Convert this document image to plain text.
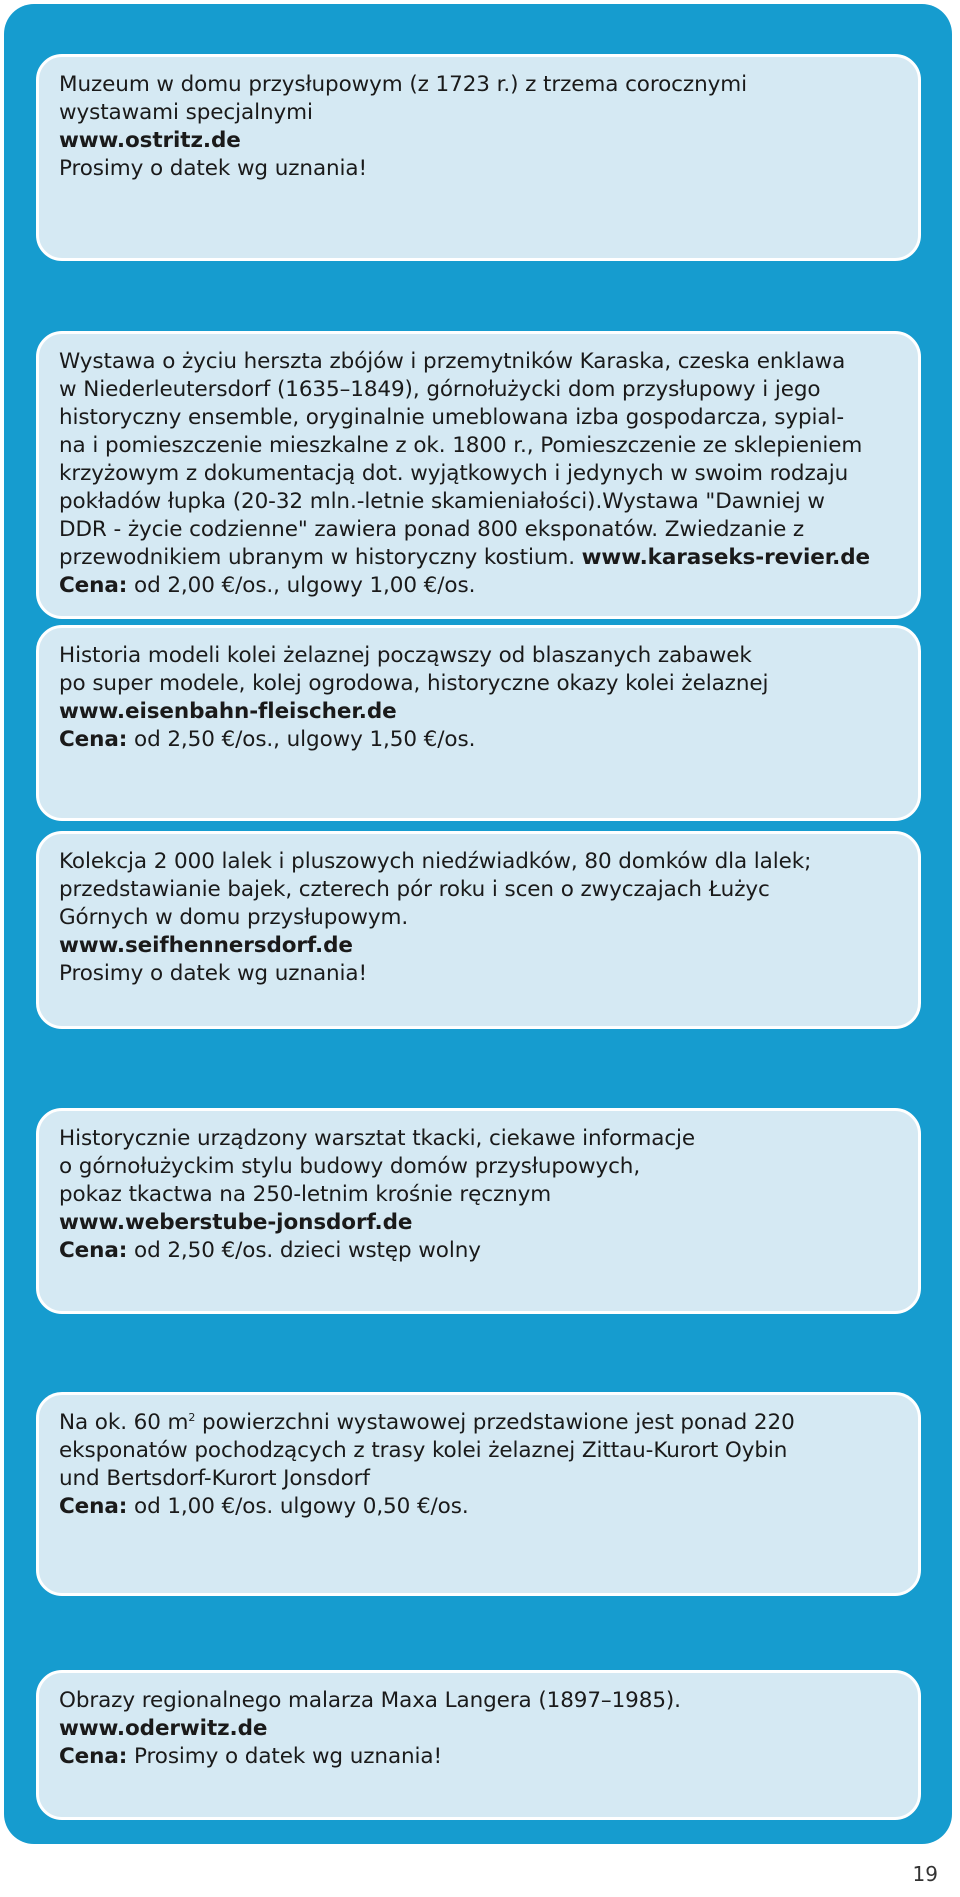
Muzeum w domu przysłupowym (z 1723 r.) z trzema corocznymi

wystawami specjalnymi

www.ostritz.de

Prosimy o datek wg uznania!

Wystawa o życiu herszta zbójów i przemytników Karaska, czeska enklawa

w Niederleutersdorf (1635–1849), górnołużycki dom przysłupowy i jego

historyczny ensemble, oryginalnie umeblowana izba gospodarcza, sypial-

na i pomieszczenie mieszkalne z ok. 1800 r., Pomieszczenie ze sklepieniem

krzyżowym z dokumentacją dot. wyjątkowych i jedynych w swoim rodzaju

pokładów łupka (20-32 mln.-letnie skamieniałości).Wystawa "Dawniej w

DDR - życie codzienne" zawiera ponad 800 eksponatów. Zwiedzanie z

przewodnikiem ubranym w historyczny kostium. www.karaseks-revier.de

Cena: od 2,00 €/os., ulgowy 1,00 €/os.

Historia modeli kolei żelaznej począwszy od blaszanych zabawek

po super modele, kolej ogrodowa, historyczne okazy kolei żelaznej

www.eisenbahn-fleischer.de

Cena: od 2,50 €/os., ulgowy 1,50 €/os.

Kolekcja 2 000 lalek i pluszowych niedźwiadków, 80 domków dla lalek;

przedstawianie bajek, czterech pór roku i scen o zwyczajach Łużyc

Górnych w domu przysłupowym.

www.seifhennersdorf.de

Prosimy o datek wg uznania!

Historycznie urządzony warsztat tkacki, ciekawe informacje

o górnołużyckim stylu budowy domów przysłupowych,

pokaz tkactwa na 250-letnim krośnie ręcznym

www.weberstube-jonsdorf.de

Cena: od 2,50 €/os. dzieci wstęp wolny

Na ok. 60 $m^2$ powierzchni wystawowej przedstawione jest ponad 220

eksponatów pochodzących z trasy kolei żelaznej Zittau-Kurort Oybin

und Bertsdorf-Kurort Jonsdorf

Cena: od 1,00 €/os. ulgowy 0,50 €/os.

Obrazy regionalnego malarza Maxa Langera (1897–1985).

www.oderwitz.de

Cena: Prosimy o datek wg uznania!

19
